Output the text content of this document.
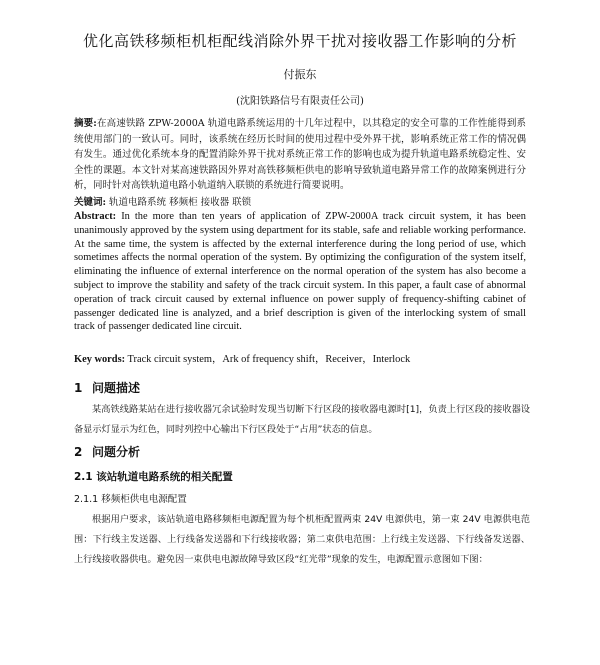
优化高铁移频柜机柜配线消除外界干扰对接收器工作影响的分析
付振东
(沈阳铁路信号有限责任公司)
摘要:在高速铁路 ZPW-2000A 轨道电路系统运用的十几年过程中，以其稳定的安全可靠的工作性能得到系统使用部门的一致认可。同时，该系统在经历长时间的使用过程中受外界干扰，影响系统正常工作的情况偶有发生。通过优化系统本身的配置消除外界干扰对系统正常工作的影响也成为提升轨道电路系统稳定性、安全性的课题。本文针对某高速铁路因外界对高铁移频柜供电的影响导致轨道电路异常工作的故障案例进行分析，同时针对高铁轨道电路小轨道纳入联锁的系统进行简要说明。
关键词: 轨道电路系统 移频柜 接收器 联锁
Abstract: In the more than ten years of application of ZPW-2000A track circuit system, it has been unanimously approved by the system using department for its stable, safe and reliable working performance. At the same time, the system is affected by the external interference during the long period of use, which sometimes affects the normal operation of the system. By optimizing the configuration of the system itself, eliminating the influence of external interference on the normal operation of the system has also become a subject to improve the stability and safety of the track circuit system. In this paper, a fault case of abnormal operation of track circuit caused by external influence on power supply of frequency-shifting cabinet of passenger dedicated line is analyzed, and a brief description is given of the interlocking system of small track of passenger dedicated line circuit.
Key words: Track circuit system，Ark of frequency shift，Receiver，Interlock
1 问题描述
某高铁线路某站在进行接收器冗余试验时发现当切断下行区段的接收器电源时[1]，负责上行区段的接收器设备显示灯显示为红色，同时列控中心输出下行区段处于“占用”状态的信息。
2 问题分析
2.1 该站轨道电路系统的相关配置
2.1.1 移频柜供电电源配置
根据用户要求，该站轨道电路移频柜电源配置为每个机柜配置两束 24V 电源供电，第一束 24V 电源供电范围：下行线主发送器、上行线备发送器和下行线接收器；第二束供电范围：上行线主发送器、下行线备发送器、上行线接收器供电。避免因一束供电电源故障导致区段“红光带”现象的发生，电源配置示意图如下图：
